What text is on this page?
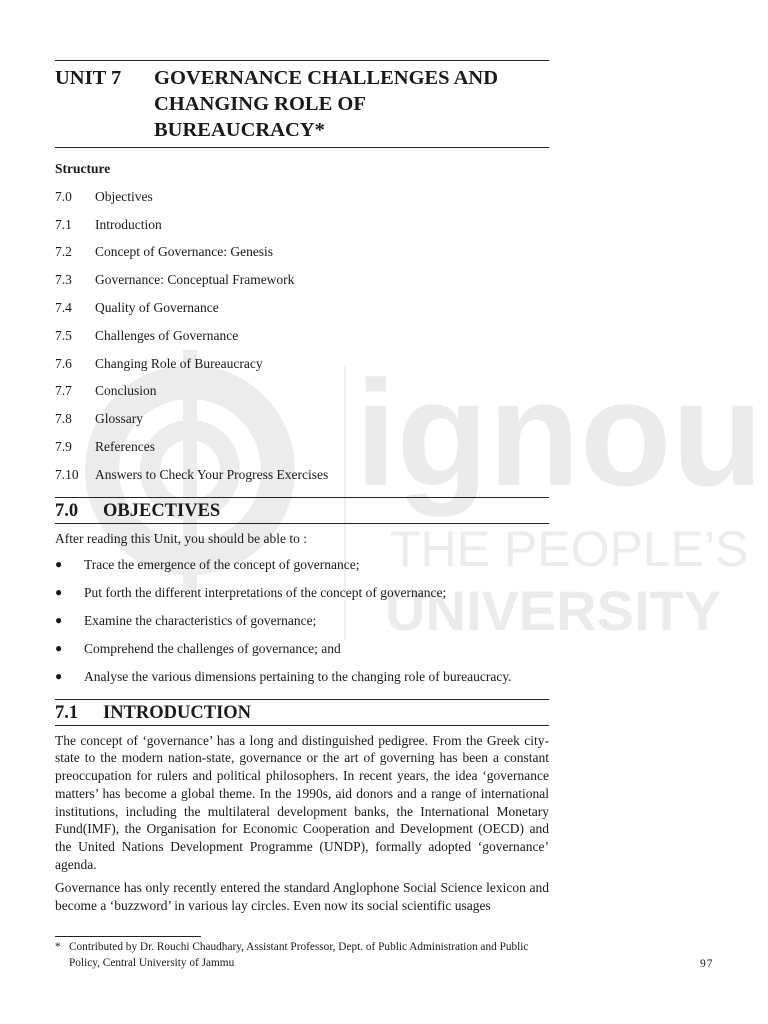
ignou
THE PEOPLE’S
UNIVERSITY
UNIT 7	GOVERNANCE CHALLENGES AND
CHANGING ROLE OF
BUREAUCRACY*
Structure
7.0	Objectives
7.1	Introduction
7.2	Concept of Governance: Genesis
7.3	Governance: Conceptual Framework
7.4	Quality of Governance
7.5	Challenges of Governance
7.6	Changing Role of Bureaucracy
7.7	Conclusion
7.8	Glossary
7.9	References
7.10	Answers to Check Your Progress Exercises
7.0	OBJECTIVES
After reading this Unit, you should be able to :
●	Trace the emergence of the concept of governance;
●	Put forth the different interpretations of the concept of governance;
●	Examine the characteristics of governance;
●	Comprehend the challenges of governance; and
●	Analyse the various dimensions pertaining to the changing role of bureaucracy.
7.1	INTRODUCTION
The concept of ‘governance’ has a long and distinguished pedigree. From the Greek city-state to the modern nation-state, governance or the art of governing has been a constant preoccupation for rulers and political philosophers. In recent years, the idea ‘governance matters’ has become a global theme. In the 1990s, aid donors and a range of international institutions, including the multilateral development banks, the International Monetary Fund(IMF), the Organisation for Economic Cooperation and Development (OECD) and the United Nations Development Programme (UNDP), formally adopted ‘governance’ agenda.
Governance has only recently entered the standard Anglophone Social Science lexicon and become a ‘buzzword’ in various lay circles. Even now its social scientific usages
* Contributed by Dr. Rouchi Chaudhary, Assistant Professor, Dept. of Public Administration and Public Policy, Central University of Jammu	97
